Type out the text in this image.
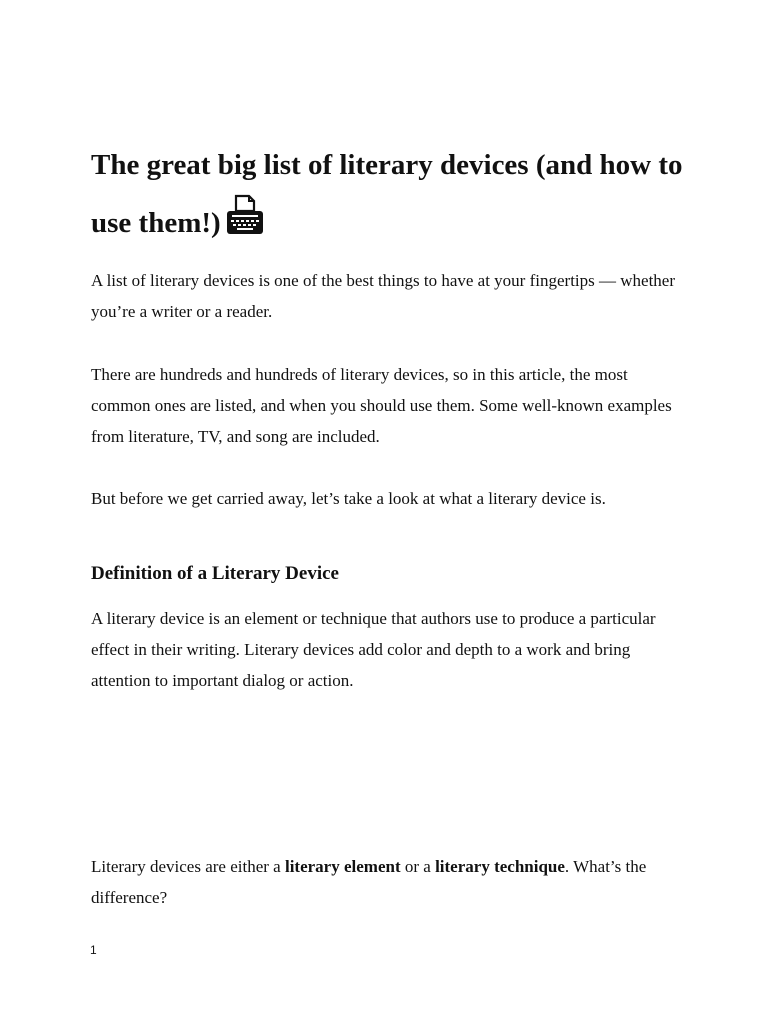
The great big list of literary devices (and how to use them!)

A list of literary devices is one of the best things to have at your fingertips — whether you’re a writer or a reader.

There are hundreds and hundreds of literary devices, so in this article, the most common ones are listed, and when you should use them. Some well-known examples from literature, TV, and song are included.

But before we get carried away, let’s take a look at what a literary device is.

Definition of a Literary Device

A literary device is an element or technique that authors use to produce a particular effect in their writing. Literary devices add color and depth to a work and bring attention to important dialog or action.

Literary devices are either a literary element or a literary technique. What’s the difference?

1
